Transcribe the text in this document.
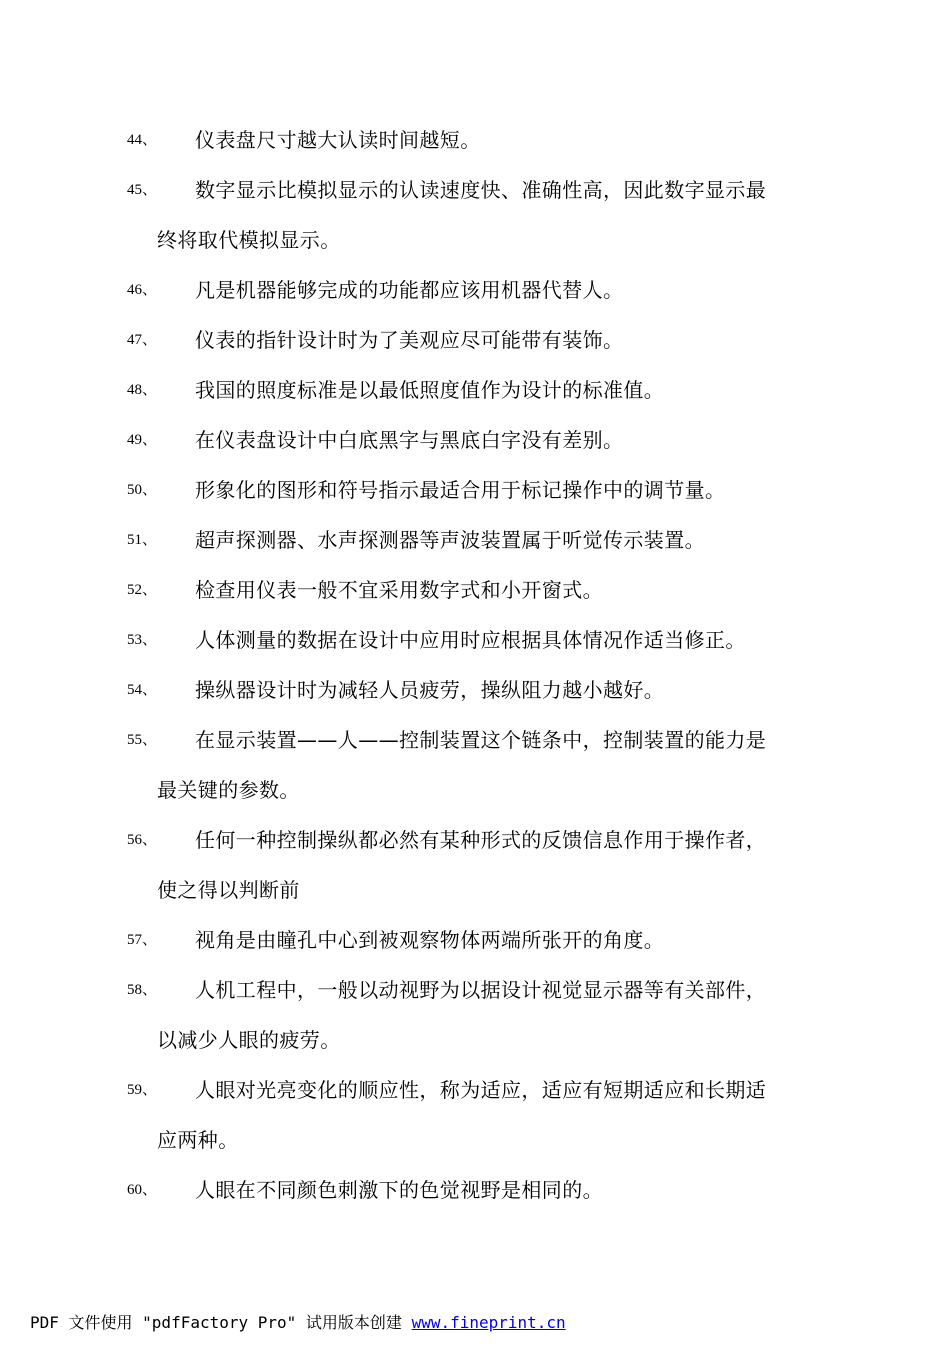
44、 仪表盘尺寸越大认读时间越短。
45、 数字显示比模拟显示的认读速度快、准确性高，因此数字显示最
终将取代模拟显示。
46、 凡是机器能够完成的功能都应该用机器代替人。
47、 仪表的指针设计时为了美观应尽可能带有装饰。
48、 我国的照度标准是以最低照度值作为设计的标准值。
49、 在仪表盘设计中白底黑字与黑底白字没有差别。
50、 形象化的图形和符号指示最适合用于标记操作中的调节量。
51、 超声探测器、水声探测器等声波装置属于听觉传示装置。
52、 检查用仪表一般不宜采用数字式和小开窗式。
53、 人体测量的数据在设计中应用时应根据具体情况作适当修正。
54、 操纵器设计时为减轻人员疲劳，操纵阻力越小越好。
55、 在显示装置——人——控制装置这个链条中，控制装置的能力是
最关键的参数。
56、 任何一种控制操纵都必然有某种形式的反馈信息作用于操作者，
使之得以判断前
57、 视角是由瞳孔中心到被观察物体两端所张开的角度。
58、 人机工程中，一般以动视野为以据设计视觉显示器等有关部件，
以减少人眼的疲劳。
59、 人眼对光亮变化的顺应性，称为适应，适应有短期适应和长期适
应两种。
60、 人眼在不同颜色刺激下的色觉视野是相同的。
PDF 文件使用 "pdfFactory Pro" 试用版本创建 www.fineprint.cn
